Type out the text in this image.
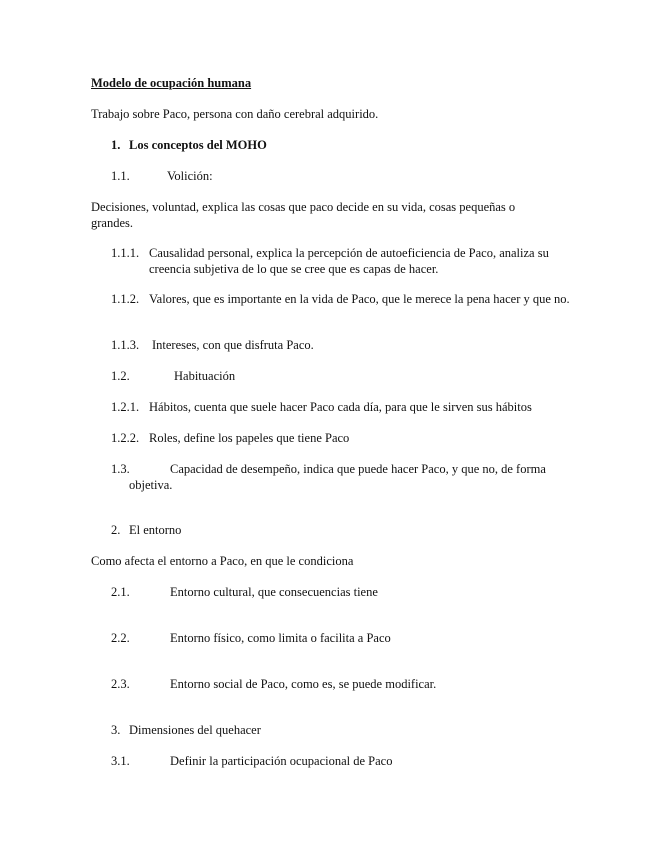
Modelo de ocupación humana
Trabajo sobre Paco, persona con daño cerebral adquirido.
1. Los conceptos del MOHO
1.1.	Volición:
Decisiones, voluntad, explica las cosas que paco decide en su vida, cosas pequeñas o grandes.
1.1.1. Causalidad personal, explica la percepción de autoeficiencia de Paco, analiza su creencia subjetiva de lo que se cree que es capas de hacer.
1.1.2. Valores, que es importante en la vida de Paco, que le merece la pena hacer y que no.
1.1.3. Intereses, con que disfruta Paco.
1.2.	Habituación
1.2.1. Hábitos, cuenta que suele hacer Paco cada día, para que le sirven sus hábitos
1.2.2. Roles, define los papeles que tiene Paco
1.3.	Capacidad de desempeño, indica que puede hacer Paco, y que no, de forma objetiva.
2. El entorno
Como afecta el entorno a Paco, en que le condiciona
2.1.	Entorno cultural, que consecuencias tiene
2.2.	Entorno físico, como limita o facilita a Paco
2.3.	Entorno social de Paco, como es, se puede modificar.
3. Dimensiones del quehacer
3.1.	Definir la participación ocupacional de Paco
